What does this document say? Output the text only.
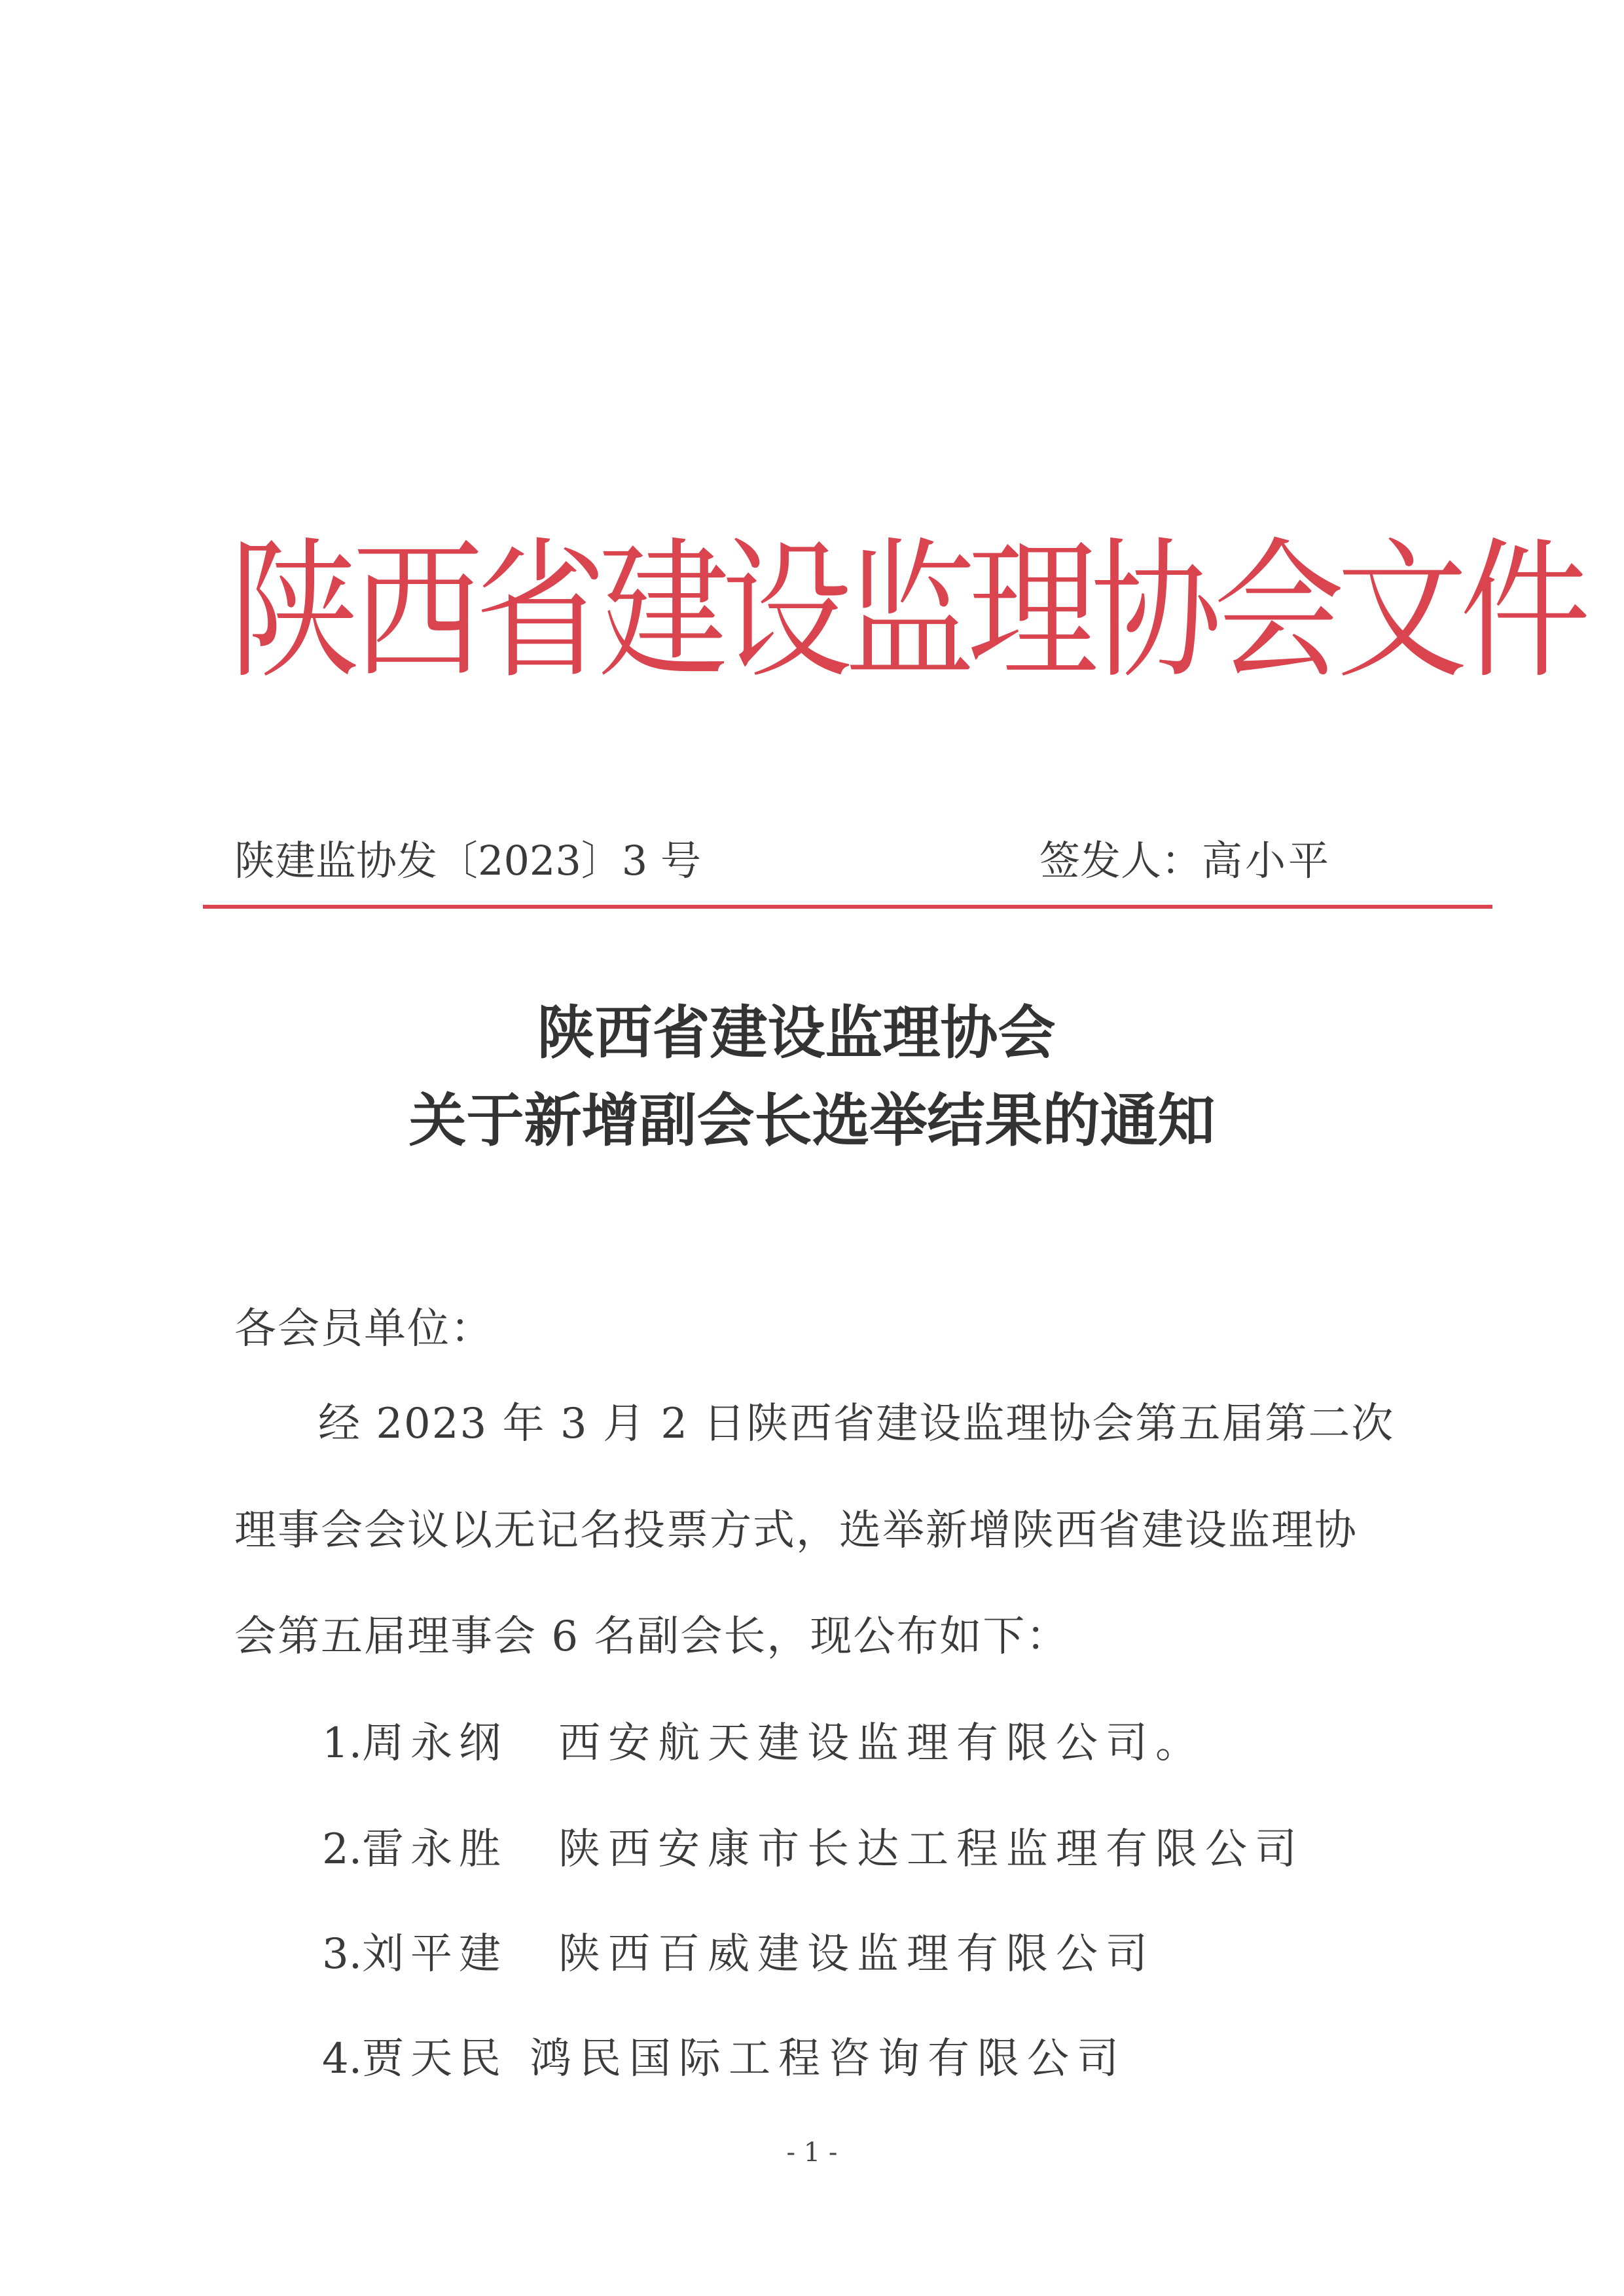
陕西省建设监理协会文件
陕建监协发〔2023〕3 号	签发人：高小平
陕西省建设监理协会
关于新增副会长选举结果的通知
各会员单位：
经 2023 年 3 月 2 日陕西省建设监理协会第五届第二次
理事会会议以无记名投票方式，选举新增陕西省建设监理协
会第五届理事会 6 名副会长，现公布如下：
1.周永纲 西安航天建设监理有限公司。
2.雷永胜 陕西安康市长达工程监理有限公司
3.刘平建 陕西百威建设监理有限公司
4.贾天民 鸿民国际工程咨询有限公司
- 1 -
